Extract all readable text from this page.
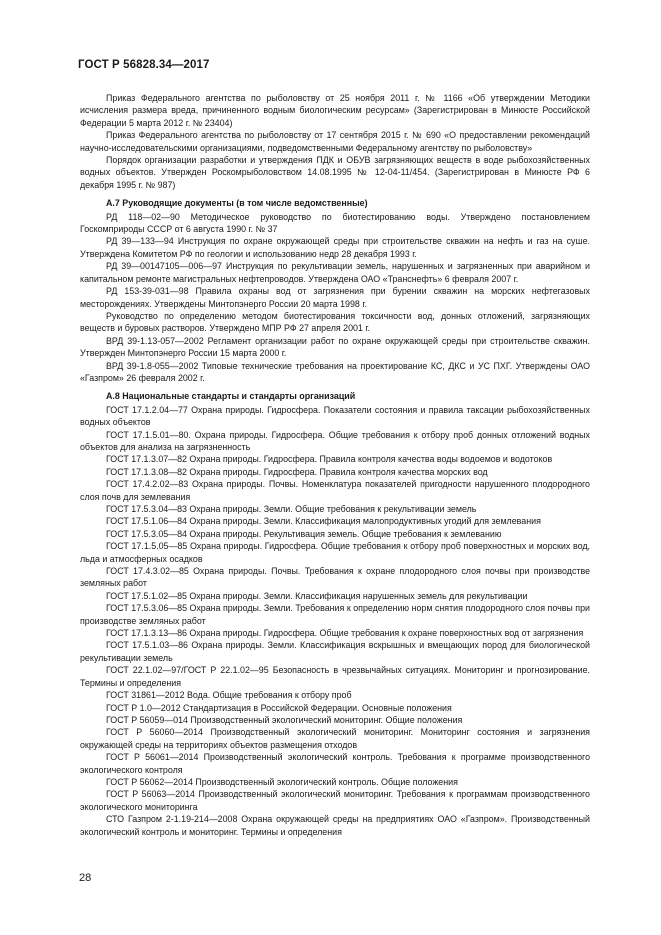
ГОСТ Р 56828.34—2017

Приказ Федерального агентства по рыболовству от 25 ноября 2011 г. № 1166 «Об утверждении Методики исчисления размера вреда, причиненного водным биологическим ресурсам» (Зарегистрирован в Минюсте Российской Федерации 5 марта 2012 г. № 23404)

Приказ Федерального агентства по рыболовству от 17 сентября 2015 г. № 690 «О предоставлении рекомендаций научно-исследовательскими организациями, подведомственными Федеральному агентству по рыболовству»

Порядок организации разработки и утверждения ПДК и ОБУВ загрязняющих веществ в воде рыбохозяйственных водных объектов. Утвержден Роскомрыболовством 14.08.1995 № 12-04-11/454. (Зарегистрирован в Минюсте РФ 6 декабря 1995 г. № 987)

А.7 Руководящие документы (в том числе ведомственные)

РД 118—02—90 Методическое руководство по биотестированию воды. Утверждено постановлением Госкомприроды СССР от 6 августа 1990 г. № 37

РД 39—133—94 Инструкция по охране окружающей среды при строительстве скважин на нефть и газ на суше. Утверждена Комитетом РФ по геологии и использованию недр 28 декабря 1993 г.

РД 39—00147105—006—97 Инструкция по рекультивации земель, нарушенных и загрязненных при аварийном и капитальном ремонте магистральных нефтепроводов. Утверждена ОАО «Транснефть» 6 февраля 2007 г.

РД 153-39-031—98 Правила охраны вод от загрязнения при бурении скважин на морских нефтегазовых месторождениях. Утверждены Минтопэнерго России 20 марта 1998 г.

Руководство по определению методом биотестирования токсичности вод, донных отложений, загрязняющих веществ и буровых растворов. Утверждено МПР РФ 27 апреля 2001 г.

ВРД 39-1.13-057—2002 Регламент организации работ по охране окружающей среды при строительстве скважин. Утвержден Минтопэнерго России 15 марта 2000 г.

ВРД 39-1.8-055—2002 Типовые технические требования на проектирование КС, ДКС и УС ПХГ. Утверждены ОАО «Газпром» 26 февраля 2002 г.

А.8 Национальные стандарты и стандарты организаций

ГОСТ 17.1.2.04—77 Охрана природы. Гидросфера. Показатели состояния и правила таксации рыбохозяйственных водных объектов

ГОСТ 17.1.5.01—80. Охрана природы. Гидросфера. Общие требования к отбору проб донных отложений водных объектов для анализа на загрязненность

ГОСТ 17.1.3.07—82 Охрана природы. Гидросфера. Правила контроля качества воды водоемов и водотоков

ГОСТ 17.1.3.08—82 Охрана природы. Гидросфера. Правила контроля качества морских вод

ГОСТ 17.4.2.02—83 Охрана природы. Почвы. Номенклатура показателей пригодности нарушенного плодородного слоя почв для землевания

ГОСТ 17.5.3.04—83 Охрана природы. Земли. Общие требования к рекультивации земель

ГОСТ 17.5.1.06—84 Охрана природы. Земли. Классификация малопродуктивных угодий для землевания

ГОСТ 17.5.3.05—84 Охрана природы. Рекультивация земель. Общие требования к землеванию

ГОСТ 17.1.5.05—85 Охрана природы. Гидросфера. Общие требования к отбору проб поверхностных и морских вод, льда и атмосферных осадков

ГОСТ 17.4.3.02—85 Охрана природы. Почвы. Требования к охране плодородного слоя почвы при производстве земляных работ

ГОСТ 17.5.1.02—85 Охрана природы. Земли. Классификация нарушенных земель для рекультивации

ГОСТ 17.5.3.06—85 Охрана природы. Земли. Требования к определению норм снятия плодородного слоя почвы при производстве земляных работ

ГОСТ 17.1.3.13—86 Охрана природы. Гидросфера. Общие требования к охране поверхностных вод от загрязнения

ГОСТ 17.5.1.03—86 Охрана природы. Земли. Классификация вскрышных и вмещающих пород для биологической рекультивации земель

ГОСТ 22.1.02—97/ГОСТ Р 22.1.02—95 Безопасность в чрезвычайных ситуациях. Мониторинг и прогнозирование. Термины и определения

ГОСТ 31861—2012 Вода. Общие требования к отбору проб

ГОСТ Р 1.0—2012 Стандартизация в Российской Федерации. Основные положения

ГОСТ Р 56059—014 Производственный экологический мониторинг. Общие положения

ГОСТ Р 56060—2014 Производственный экологический мониторинг. Мониторинг состояния и загрязнения окружающей среды на территориях объектов размещения отходов

ГОСТ Р 56061—2014 Производственный экологический контроль. Требования к программе производственного экологического контроля

ГОСТ Р 56062—2014 Производственный экологический контроль. Общие положения

ГОСТ Р 56063—2014 Производственный экологический мониторинг. Требования к программам производственного экологического мониторинга

СТО Газпром 2-1.19-214—2008 Охрана окружающей среды на предприятиях ОАО «Газпром». Производственный экологический контроль и мониторинг. Термины и определения

28
